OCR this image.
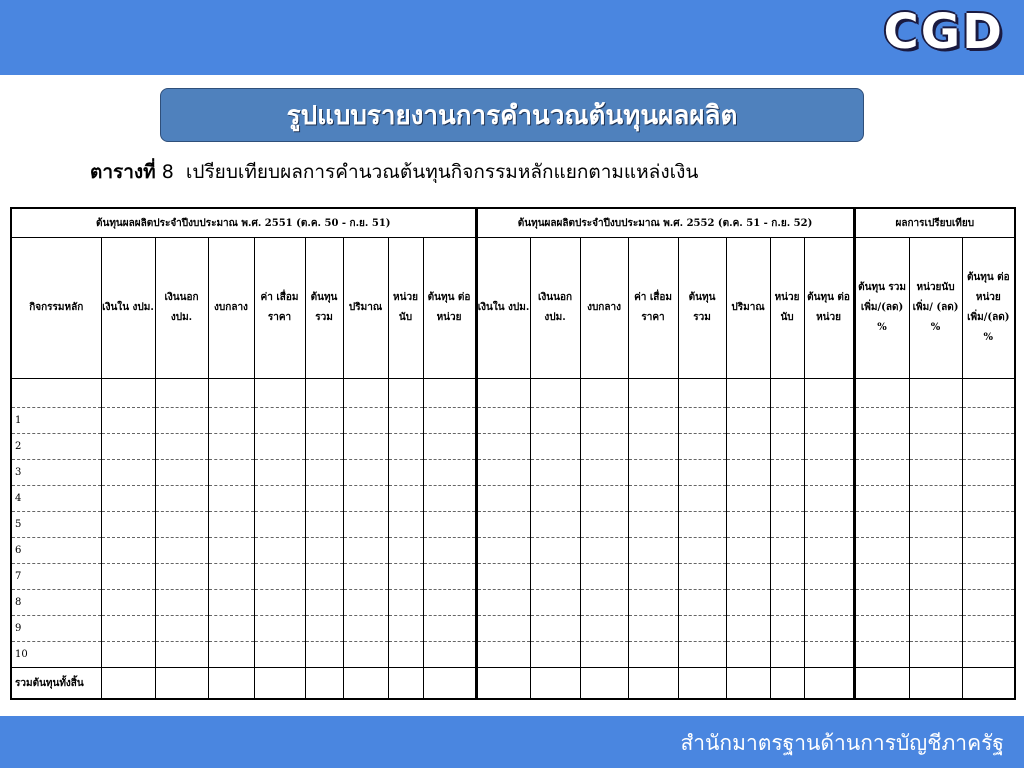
CGD
รูปแบบรายงานการคำนวณต้นทุนผลผลิต
ตารางที่ 8 เปรียบเทียบผลการคำนวณต้นทุนกิจกรรมหลักแยกตามแหล่งเงิน
ต้นทุนผลผลิตประจำปีงบประมาณ พ.ศ. 2551 (ต.ค. 50 - ก.ย. 51)									ต้นทุนผลผลิตประจำปีงบประมาณ พ.ศ. 2552 (ต.ค. 51 - ก.ย. 52)								ผลการเปรียบเทียบ		
กิจกรรมหลัก	เงินใน งปม.	เงินนอก งปม.	งบกลาง	ค่า เสื่อม ราคา	ต้นทุน รวม	ปริมาณ	หน่วย นับ	ต้นทุน ต่อหน่วย	เงินใน งปม.	เงินนอก งปม.	งบกลาง	ค่า เสื่อม ราคา	ต้นทุน รวม	ปริมาณ	หน่วย นับ	ต้นทุน ต่อหน่วย	ต้นทุน รวม เพิ่ม/(ลด) %	หน่วยนับ เพิ่ม/ (ลด) %	ต้นทุน ต่อหน่วย เพิ่ม/(ลด) %

1																			
2																			
3																			
4																			
5																			
6																			
7																			
8																			
9																			
10																			
รวมต้นทุนทั้งสิ้น																			
สำนักมาตรฐานด้านการบัญชีภาครัฐ
